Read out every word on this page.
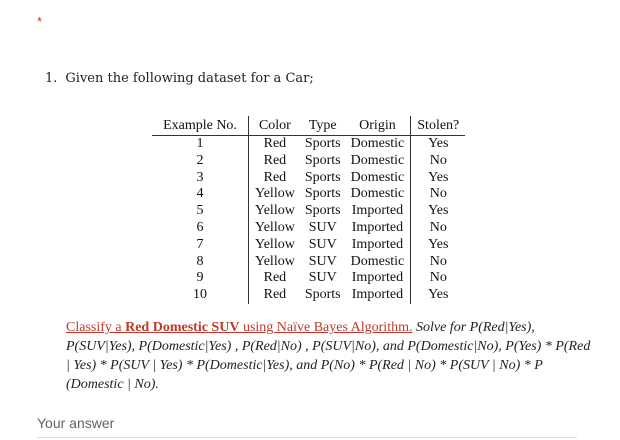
*
1. Given the following dataset for a Car;
Example No.	Color	Type	Origin	Stolen?
1	Red	Sports	Domestic	Yes
2	Red	Sports	Domestic	No
3	Red	Sports	Domestic	Yes
4	Yellow	Sports	Domestic	No
5	Yellow	Sports	Imported	Yes
6	Yellow	SUV	Imported	No
7	Yellow	SUV	Imported	Yes
8	Yellow	SUV	Domestic	No
9	Red	SUV	Imported	No
10	Red	Sports	Imported	Yes
Classify a Red Domestic SUV using Naïve Bayes Algorithm. Solve for P(Red|Yes), P(SUV|Yes), P(Domestic|Yes) , P(Red|No) , P(SUV|No), and P(Domestic|No), P(Yes) * P(Red | Yes) * P(SUV | Yes) * P(Domestic|Yes), and P(No) * P(Red | No) * P(SUV | No) * P (Domestic | No).
Your answer
